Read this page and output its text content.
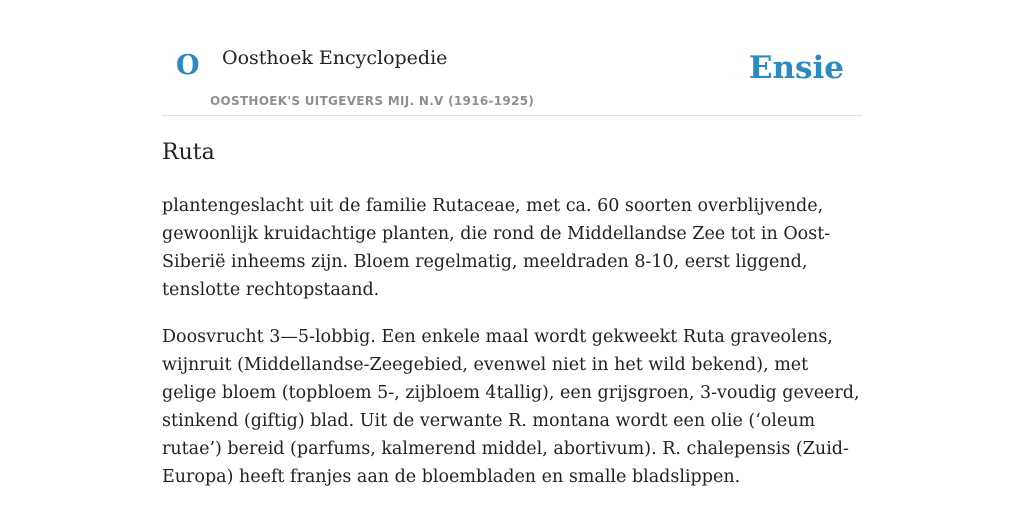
O Oosthoek Encyclopedie
OOSTHOEK'S UITGEVERS MIJ. N.V (1916-1925)
Ensie
Ruta

plantengeslacht uit de familie Rutaceae, met ca. 60 soorten overblijvende, gewoonlijk kruidachtige planten, die rond de Middellandse Zee tot in Oost-Siberië inheems zijn. Bloem regelmatig, meeldraden 8-10, eerst liggend, tenslotte rechtopstaand.

Doosvrucht 3—5-lobbig. Een enkele maal wordt gekweekt Ruta graveolens, wijnruit (Middellandse-Zeegebied, evenwel niet in het wild bekend), met gelige bloem (topbloem 5-, zijbloem 4tallig), een grijsgroen, 3-voudig geveerd, stinkend (giftig) blad. Uit de verwante R. montana wordt een olie (‘oleum rutae’) bereid (parfums, kalmerend middel, abortivum). R. chalepensis (Zuid-Europa) heeft franjes aan de bloembladen en smalle bladslippen.
